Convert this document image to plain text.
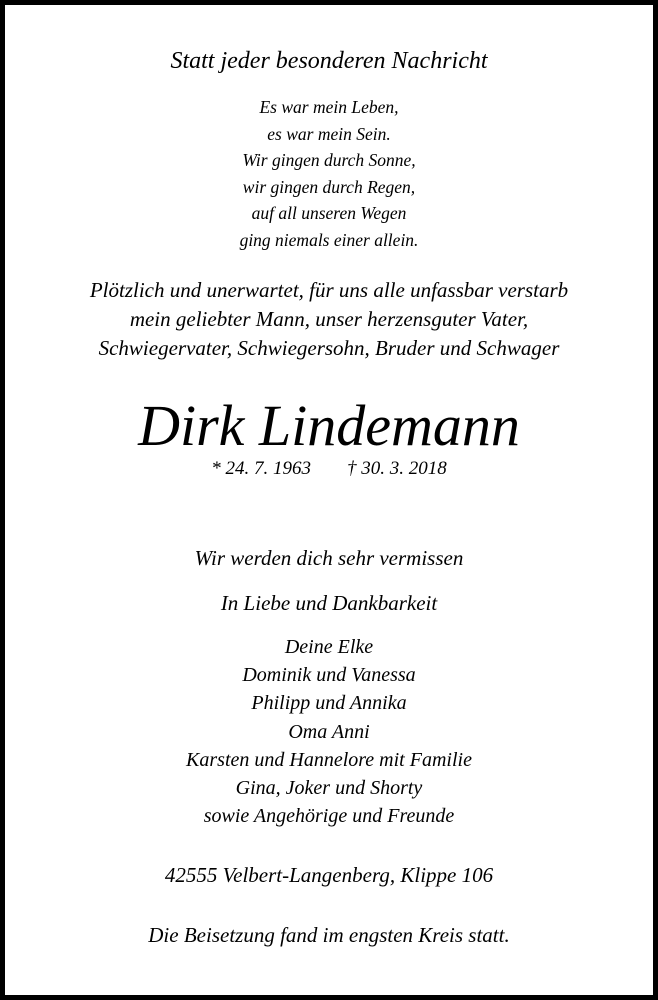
Statt jeder besonderen Nachricht
Es war mein Leben,
es war mein Sein.
Wir gingen durch Sonne,
wir gingen durch Regen,
auf all unseren Wegen
ging niemals einer allein.
Plötzlich und unerwartet, für uns alle unfassbar verstarb
mein geliebter Mann, unser herzensguter Vater,
Schwiegervater, Schwiegersohn, Bruder und Schwager
Dirk Lindemann
* 24. 7. 1963 † 30. 3. 2018
Wir werden dich sehr vermissen
In Liebe und Dankbarkeit
Deine Elke
Dominik und Vanessa
Philipp und Annika
Oma Anni
Karsten und Hannelore mit Familie
Gina, Joker und Shorty
sowie Angehörige und Freunde
42555 Velbert-Langenberg, Klippe 106
Die Beisetzung fand im engsten Kreis statt.
